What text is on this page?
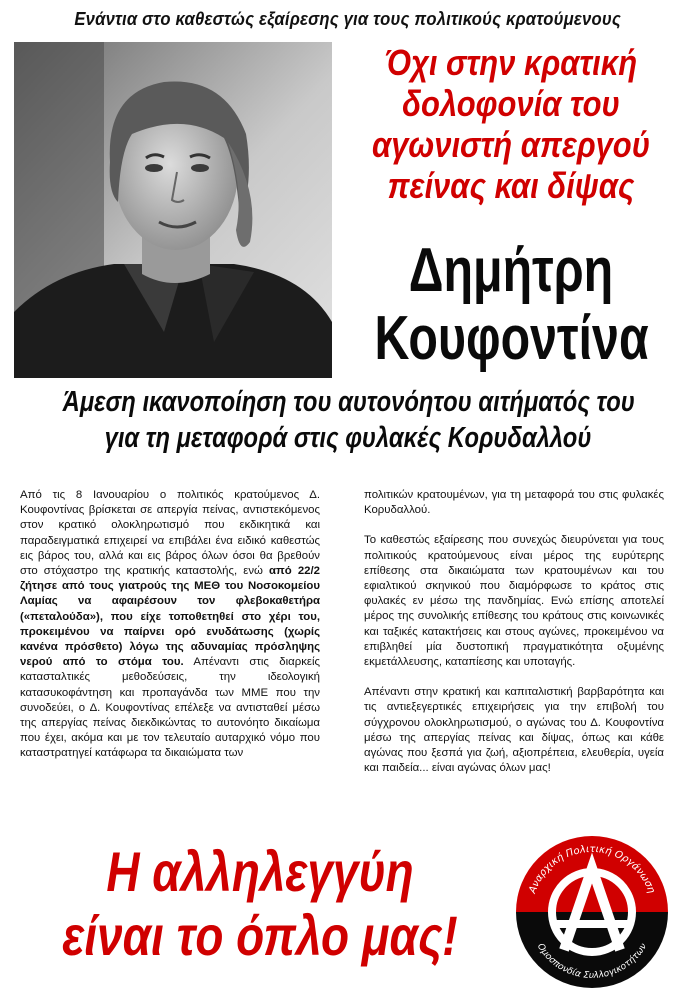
Ενάντια στο καθεστώς εξαίρεσης για τους πολιτικούς κρατούμενους
Όχι στην κρατική
δολοφονία του
αγωνιστή απεργού
πείνας και δίψας
Δημήτρη
Κουφοντίνα
Άμεση ικανοποίηση του αυτονόητου αιτήματός του
για τη μεταφορά στις φυλακές Κορυδαλλού

Από τις 8 Ιανουαρίου ο πολιτικός κρατούμενος Δ. Κουφοντίνας βρίσκεται σε απεργία πείνας, αντιστεκόμενος στον κρατικό ολοκληρωτισμό που εκδικητικά και παραδειγματικά επιχειρεί να επιβάλει ένα ειδικό καθεστώς εις βάρος του, αλλά και εις βάρος όλων όσοι θα βρεθούν στο στόχαστρο της κρατικής καταστολής, ενώ από 22/2 ζήτησε από τους γιατρούς της ΜΕΘ του Νοσοκομείου Λαμίας να αφαιρέσουν τον φλεβοκαθετήρα («πεταλούδα»), που είχε τοποθετηθεί στο χέρι του, προκειμένου να παίρνει ορό ενυδάτωσης (χωρίς κανένα πρόσθετο) λόγω της αδυναμίας πρόσληψης νερού από το στόμα του. Απέναντι στις διαρκείς κατασταλτικές μεθοδεύσεις, την ιδεολογική κατασυκοφάντηση και προπαγάνδα των ΜΜΕ που την συνοδεύει, ο Δ. Κουφοντίνας επέλεξε να αντισταθεί μέσω της απεργίας πείνας διεκδικώντας το αυτονόητο δικαίωμα που έχει, ακόμα και με τον τελευταίο αυταρχικό νόμο που καταστρατηγεί κατάφωρα τα δικαιώματα των

πολιτικών κρατουμένων, για τη μεταφορά του στις φυλακές Κορυδαλλού.

Το καθεστώς εξαίρεσης που συνεχώς διευρύνεται για τους πολιτικούς κρατούμενους είναι μέρος της ευρύτερης επίθεσης στα δικαιώματα των κρατουμένων και του εφιαλτικού σκηνικού που διαμόρφωσε το κράτος στις φυλακές εν μέσω της πανδημίας. Ενώ επίσης αποτελεί μέρος της συνολικής επίθεσης του κράτους στις κοινωνικές και ταξικές κατακτήσεις και στους αγώνες, προκειμένου να επιβληθεί μία δυστοπική πραγματικότητα οξυμένης εκμετάλλευσης, καταπίεσης και υποταγής.

Απέναντι στην κρατική και καπιταλιστική βαρβαρότητα και τις αντιεξεγερτικές επιχειρήσεις για την επιβολή του σύγχρονου ολοκληρωτισμού, ο αγώνας του Δ. Κουφοντίνα μέσω της απεργίας πείνας και δίψας, όπως και κάθε αγώνας που ξεσπά για ζωή, αξιοπρέπεια, ελευθερία, υγεία και παιδεία... είναι αγώνας όλων μας!

Η αλληλεγγύη
είναι το όπλο μας!
Αναρχική Πολιτική Οργάνωση
Ομοσπονδία Συλλογικοτήτων
